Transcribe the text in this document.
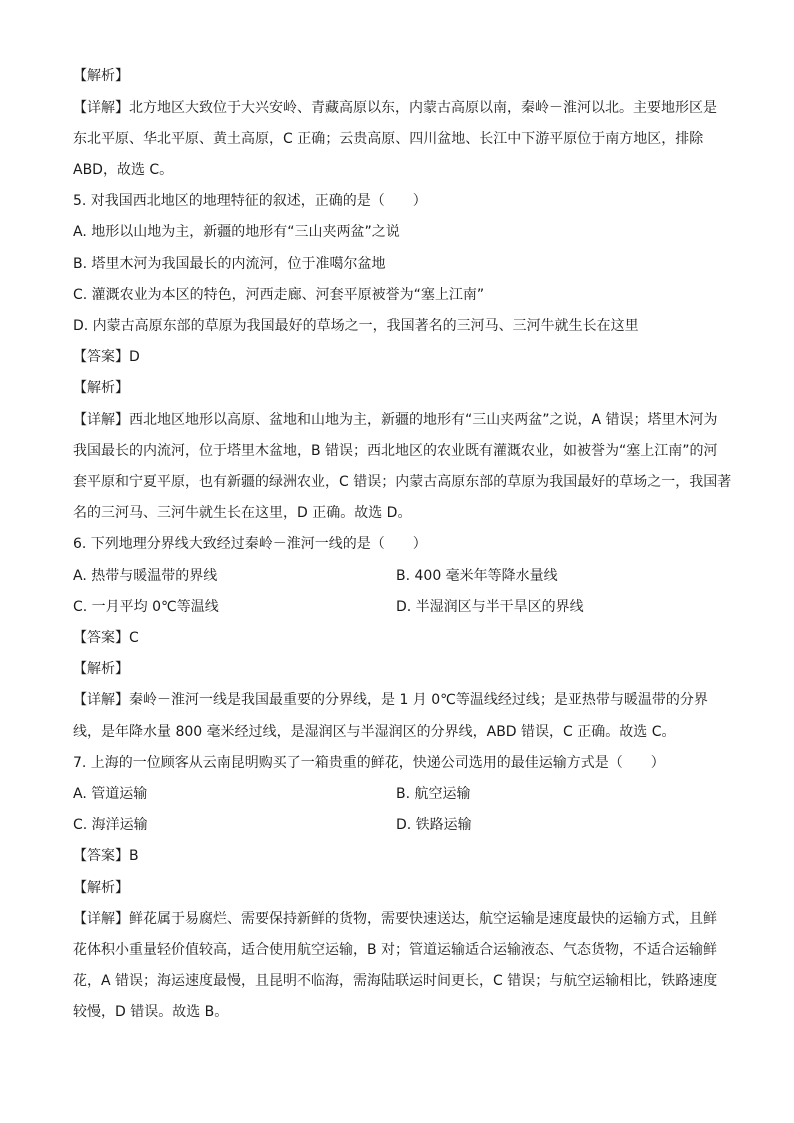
【解析】
【详解】北方地区大致位于大兴安岭、青藏高原以东，内蒙古高原以南，秦岭－淮河以北。主要地形区是
东北平原、华北平原、黄土高原，C 正确；云贵高原、四川盆地、长江中下游平原位于南方地区，排除
ABD，故选 C。
5. 对我国西北地区的地理特征的叙述，正确的是（　　）
A. 地形以山地为主，新疆的地形有“三山夹两盆”之说
B. 塔里木河为我国最长的内流河，位于准噶尔盆地
C. 灌溉农业为本区的特色，河西走廊、河套平原被誉为“塞上江南”
D. 内蒙古高原东部的草原为我国最好的草场之一，我国著名的三河马、三河牛就生长在这里
【答案】D
【解析】
【详解】西北地区地形以高原、盆地和山地为主，新疆的地形有“三山夹两盆”之说，A 错误；塔里木河为
我国最长的内流河，位于塔里木盆地，B 错误；西北地区的农业既有灌溉农业，如被誉为“塞上江南”的河
套平原和宁夏平原，也有新疆的绿洲农业，C 错误；内蒙古高原东部的草原为我国最好的草场之一，我国著
名的三河马、三河牛就生长在这里，D 正确。故选 D。
6. 下列地理分界线大致经过秦岭－淮河一线的是（　　）
A. 热带与暖温带的界线	B. 400 毫米年等降水量线
C. 一月平均 0℃等温线	D. 半湿润区与半干旱区的界线
【答案】C
【解析】
【详解】秦岭－淮河一线是我国最重要的分界线，是 1 月 0℃等温线经过线；是亚热带与暖温带的分界
线，是年降水量 800 毫米经过线，是湿润区与半湿润区的分界线，ABD 错误，C 正确。故选 C。
7. 上海的一位顾客从云南昆明购买了一箱贵重的鲜花，快递公司选用的最佳运输方式是（　　）
A. 管道运输	B. 航空运输
C. 海洋运输	D. 铁路运输
【答案】B
【解析】
【详解】鲜花属于易腐烂、需要保持新鲜的货物，需要快速送达，航空运输是速度最快的运输方式，且鲜
花体积小重量轻价值较高，适合使用航空运输，B 对；管道运输适合运输液态、气态货物，不适合运输鲜
花，A 错误；海运速度最慢，且昆明不临海，需海陆联运时间更长，C 错误；与航空运输相比，铁路速度
较慢，D 错误。故选 B。
